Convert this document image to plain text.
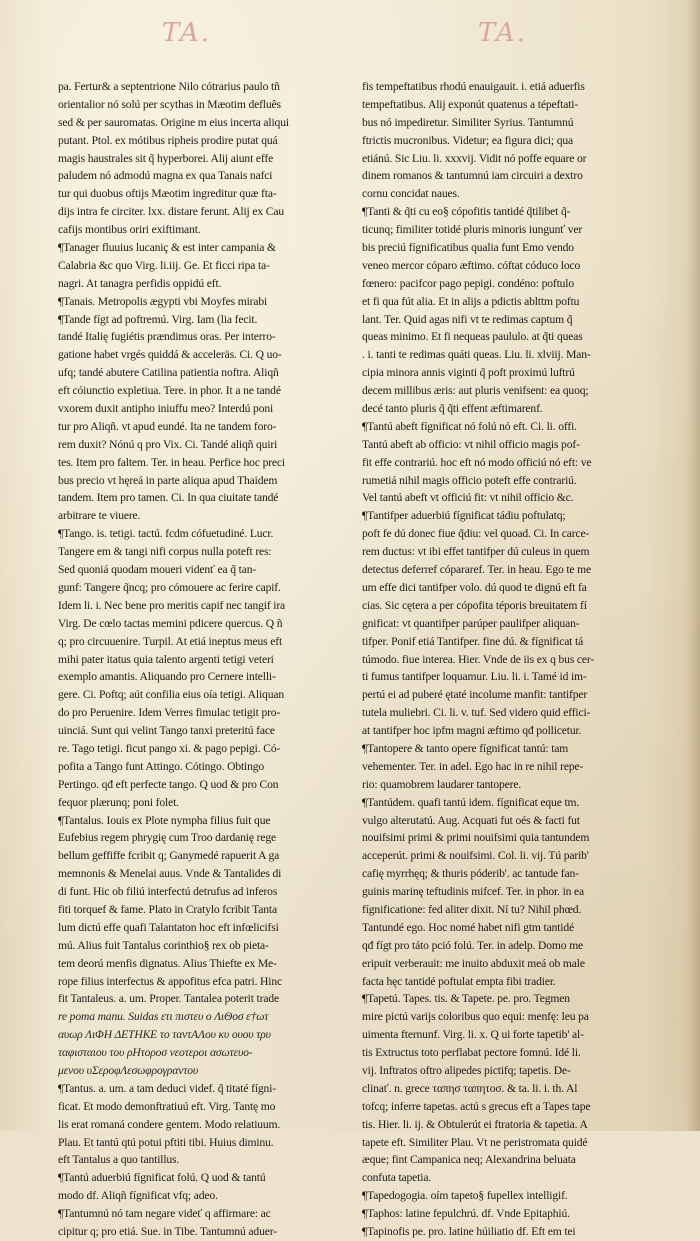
TA.	TA.
pa. Fertur& a septentrione Nilo cótrarius paulo tñ
orientalior nó solú per scythas in Mæotim defluês
sed & per sauromatas. Origine m eius incerta aliqui
putant. Ptol. ex mótibus ripheis prodire putat quá
magis haustrales sit q̃ hyperborei. Alij aiunt effe
paludem nó admodú magna ex qua Tanais nafci
tur qui duobus oftijs Mæotim ingreditur quæ fta-
dijs intra fe circiter. lxx. distare ferunt. Alij ex Cau
cafijs montibus oriri exiftimant.
¶Tanager fluuius lucaniç & est inter campania &
Calabria &c quo Virg. li.iij. Ge. Et ficci ripa ta-
nagri. At tanagra perfidis oppidú eft.
¶Tanais. Metropolis ægypti vbi Moyfes mirabi
¶Tande fígt ad poftremú. Virg. Iam (lia fecit.
tandé Italię fugiétis prændimus oras. Per interro-
gatione habet vrgés quiddá & acceleräs. Ci. Q uo-
ufq; tandé abutere Catilina patientia noftra. Aliqñ
eft cóiunctio expletiua. Tere. in phor. It a ne tandé
vxorem duxit antipho iniuffu meo? Interdú poni
tur pro Aliqñ. vt apud eundé. Ita ne tandem foro-
rem duxit? Nónú q pro Vix. Ci. Tandé aliqñ quiri
tes. Item pro faltem. Ter. in heau. Perfice hoc preci
bus precio vt hęreá in parte aliqua apud Thaidem
tandem. Item pro tamen. Ci. In qua ciuitate tandé
arbitrare te viuere.
¶Tango. is. tetigi. tactú. fcdm cófuetudiné. Lucr.
Tangere em & tangi nifi corpus nulla poteft res:
Sed quoniá quodam moueri videnť ea q̃ tan-
gunf: Tangere q̃ncq; pro cómouere ac ferire capif.
Idem li. i. Nec bene pro meritis capif nec tangif ira
Virg. De cœlo tactas memini pdicere quercus. Q ñ
q; pro circuuenire. Turpil. At etiá ineptus meus eft
mihi pater itatus quia talento argenti tetigi veteri
exemplo amantis. Aliquando pro Cernere intelli-
gere. Ci. Poftq; aút confilia eius oía tetigi. Aliquan
do pro Peruenire. Idem Verres fimulac tetigit pro-
uinciá. Sunt qui velint Tango tanxi preteritú face
re. Tago tetigi. ficut pango xi. & pago pepigi. Có-
pofita a Tango funt Attingo. Cótingo. Obtingo
Pertingo. qđ eft perfecte tango. Q uod & pro Con
fequor plærunq; poni folet.
¶Tantalus. Iouis ex Plote nympha filius fuit que
Eufebius regem phrygię cum Troo dardanię rege
bellum geffiffe fcribit q; Ganymedé rapuerit A ga
memnonis & Menelai auus. Vnde & Tantalides di
di funt. Hic ob filiú interfectú detrufus ad inferos
fiti torquef & fame. Plato in Cratylo fcribit Tanta
lum dictú effe quafi Talantaton hoc eft infœlicifsi
mú. Alius fuit Tantalus corinthio§ rex ob pieta-
tem deorú menfis dignatus. Alius Thiefte ex Me-
rope filius interfectus & appofitus efca patri. Hinc
fit Tantaleus. a. um. Proper. Tantalea poterit trade
re poma manu. Suidas ετι πιστευ ο ΛιΘοσ ε†ωτ
αυωρ ΛιΦΗ ΔΕΤΗΚΕ το ταντΑΛου κυ ουου τρυ
ταφισταιου του ρΗτοροσ νεοτεροι ασωτευο-
μενου υΣεροφΛεσωφρογραντου
¶Tantus. a. um. a tam deduci videf. q̃ titaté fígni-
ficat. Et modo demonftratiuú eft. Virg. Tantę mo
lis erat romaná condere gentem. Modo relatiuum.
Plau. Et tantú qtú potui pftiti tibi. Huius diminu.
eft Tantalus a quo tantillus.
¶Tantú aduerbiú fígnificat folú. Q uod & tantú
modo df. Aliqñ fígnificat vfq; adeo.
¶Tantumnú nó tam negare videť q affirmare: ac
cipitur q; pro etiá. Sue. in Tibe. Tantumnú aduer-
fis tempeftatibus rhodú enauigauit. i. etiá aduerfis
tempeftatibus. Alij exponút quatenus a tépeftati-
bus nó impediretur. Similiter Syrius. Tantumnú
ftrictis mucronibus. Videtur; ea figura dici; qua
etiánú. Sic Liu. li. xxxvij. Vidit nó poffe equare or
dinem romanos & tantumnú iam circuiri a dextro
cornu concidat naues.
¶Tanti & q̃ti cu eo§ cópofitis tantidé q̃tilibet q̃-
ticunq; fimiliter totidé pluris minoris iungunť ver
bis preciú fígnificatibus qualia funt Emo vendo
veneo mercor cóparo æftimo. cóftat códuco loco
fœnero: pacifcor pago pepigi. condéno: poftulo
et fi qua fút alia. Et in alijs a pdictis ablttm poftu
lant. Ter. Quid agas nifi vt te redimas captum q̃
queas minimo. Et fi nequeas paululo. at q̃ti queas
. i. tanti te redimas quáti queas. Liu. li. xlviij. Man-
cipia minora annis viginti q̃ poft proximú luftrú
decem millibus æris: aut pluris venifsent: ea quoq;
decé tanto pluris q̃ q̃ti effent æftimarenf.
¶Tantú abeft fígnificat nó folú nó eft. Ci. li. offi.
Tantú abeft ab officio: vt nihil officio magis pof-
fit effe contrariú. hoc eft nó modo officiú nó eft: ve
rumetiá nihil magis officio poteft effe contrariú.
Vel tantú abeft vt officiú fit: vt nihil officio &c.
¶Tantifper aduerbiú fígnificat tádiu poftulatq;
poft fe dú donec fiue q̃diu: vel quoad. Ci. In carce-
rem ductus: vt ibi effet tantifper dú culeus in quem
detectus deferref cópararef. Ter. in heau. Ego te me
um effe dici tantifper volo. dú quod te dignú eft fa
cias. Sic cętera a per cópofita téporis breuitatem fí
gnificat: vt quantifper parúper paulifper aliquan-
tifper. Ponif etiá Tantifper. fine dú. & fígnificat tá
túmodo. fiue interea. Hier. Vnde de iis ex q bus cer-
ti fumus tantifper loquamur. Liu. li. i. Tamé id im-
pertú ei ad puberé ętaté incolume manfit: tantifper
tutela muliebri. Ci. li. v. tuf. Sed videro quid effici-
at tantifper hoc ipfm magni æftimo qđ pollicetur.
¶Tantopere & tanto opere fígnificat tantú: tam
vehementer. Ter. in adel. Ego hac in re nihil repe-
rio: quamobrem laudarer tantopere.
¶Tantúdem. quafi tantú idem. fígnificat eque tm.
vulgo alterutatú. Aug. Acquati fut oés & facti fut
nouifsimi primi & primi nouifsimi quia tantundem
acceperút. primi & nouifsimi. Col. li. vij. Tú parib'
cafię myrrhęq; & thuris póderib'. ac tantude fan-
guinis marinę teftudinis mifcef. Ter. in phor. in ea
fígnificatione: fed aliter dixit. Ní tu? Nihil phœd.
Tantundé ego. Hoc nomé habet nifi gtm tantidé
qđ fígt pro táto pció folú. Ter. in adelp. Domo me
eripuit verberauit: me inuito abduxit meá ob male
facta hęc tantidé poftulat empta fibi tradier.
¶Tapetú. Tapes. tis. & Tapete. pe. pro. Tegmen
mire pictú varijs coloribus quo equi: menfę: leu pa
uimenta fternunf. Virg. li. x. Q ui forte tapetib' al-
tis Extructus toto perflabat pectore fomnú. Idé li.
vij. Inftratos oftro alipedes pictifq; tapetis. De-
clinať. n. grece ταπησ ταπητοσ. & ta. li. i. th. Al
tofcq; inferre tapetas. actú s grecus eft a Tapes tape
tis. Hier. li. ij. & Obtulerút ei ftratoria & tapetia. A
tapete eft. Similiter Plau. Vt ne peristromata quidé
æque; fint Campanica neq; Alexandrina beluata
confuta tapetia.
¶Tapedogogia. oím tapeto§ fupellex intelligif.
¶Taphos: latine fepulchrú. df. Vnde Epitaphiú.
¶Tapinofis pe. pro. latine húiliatio df. Eft em tei
